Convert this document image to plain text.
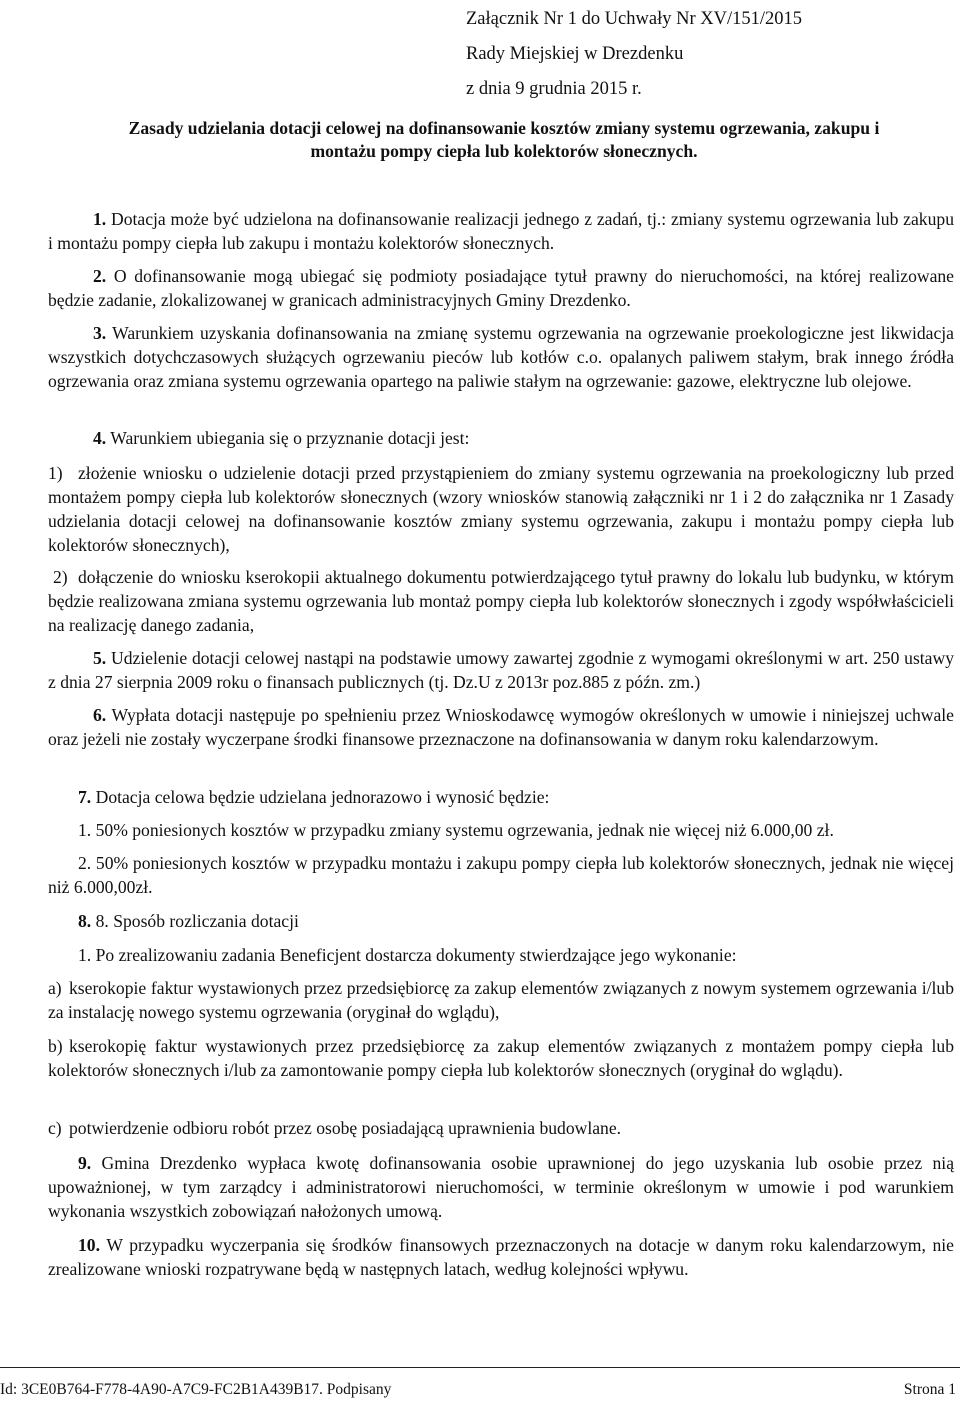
Załącznik Nr 1 do Uchwały Nr XV/151/2015
Rady Miejskiej w Drezdenku
z dnia 9 grudnia 2015 r.
Zasady udzielania dotacji celowej na dofinansowanie kosztów zmiany systemu ogrzewania, zakupu i
montażu pompy ciepła lub kolektorów słonecznych.
1. Dotacja może być udzielona na dofinansowanie realizacji jednego z zadań, tj.: zmiany systemu ogrzewania lub zakupu i montażu pompy ciepła lub zakupu i montażu kolektorów słonecznych.
2. O dofinansowanie mogą ubiegać się podmioty posiadające tytuł prawny do nieruchomości, na której realizowane będzie zadanie, zlokalizowanej w granicach administracyjnych Gminy Drezdenko.
3. Warunkiem uzyskania dofinansowania na zmianę systemu ogrzewania na ogrzewanie proekologiczne jest likwidacja wszystkich dotychczasowych służących ogrzewaniu pieców lub kotłów c.o. opalanych paliwem stałym, brak innego źródła ogrzewania oraz zmiana systemu ogrzewania opartego na paliwie stałym na ogrzewanie: gazowe, elektryczne lub olejowe.
4. Warunkiem ubiegania się o przyznanie dotacji jest:
1) złożenie wniosku o udzielenie dotacji przed przystąpieniem do zmiany systemu ogrzewania na proekologiczny lub przed montażem pompy ciepła lub kolektorów słonecznych (wzory wniosków stanowią załączniki nr 1 i 2 do załącznika nr 1 Zasady udzielania dotacji celowej na dofinansowanie kosztów zmiany systemu ogrzewania, zakupu i montażu pompy ciepła lub kolektorów słonecznych),
2) dołączenie do wniosku kserokopii aktualnego dokumentu potwierdzającego tytuł prawny do lokalu lub budynku, w którym będzie realizowana zmiana systemu ogrzewania lub montaż pompy ciepła lub kolektorów słonecznych i zgody współwłaścicieli na realizację danego zadania,
5. Udzielenie dotacji celowej nastąpi na podstawie umowy zawartej zgodnie z wymogami określonymi w art. 250 ustawy z dnia 27 sierpnia 2009 roku o finansach publicznych (tj. Dz.U z 2013r poz.885 z późn. zm.)
6. Wypłata dotacji następuje po spełnieniu przez Wnioskodawcę wymogów określonych w umowie i niniejszej uchwale oraz jeżeli nie zostały wyczerpane środki finansowe przeznaczone na dofinansowania w danym roku kalendarzowym.
7. Dotacja celowa będzie udzielana jednorazowo i wynosić będzie:
1. 50% poniesionych kosztów w przypadku zmiany systemu ogrzewania, jednak nie więcej niż 6.000,00 zł.
2. 50% poniesionych kosztów w przypadku montażu i zakupu pompy ciepła lub kolektorów słonecznych, jednak nie więcej niż 6.000,00zł.
8. 8. Sposób rozliczania dotacji
1. Po zrealizowaniu zadania Beneficjent dostarcza dokumenty stwierdzające jego wykonanie:
a) kserokopie faktur wystawionych przez przedsiębiorcę za zakup elementów związanych z nowym systemem ogrzewania i/lub za instalację nowego systemu ogrzewania (oryginał do wglądu),
b) kserokopię faktur wystawionych przez przedsiębiorcę za zakup elementów związanych z montażem pompy ciepła lub kolektorów słonecznych i/lub za zamontowanie pompy ciepła lub kolektorów słonecznych (oryginał do wglądu).
c) potwierdzenie odbioru robót przez osobę posiadającą uprawnienia budowlane.
9. Gmina Drezdenko wypłaca kwotę dofinansowania osobie uprawnionej do jego uzyskania lub osobie przez nią upoważnionej, w tym zarządcy i administratorowi nieruchomości, w terminie określonym w umowie i pod warunkiem wykonania wszystkich zobowiązań nałożonych umową.
10. W przypadku wyczerpania się środków finansowych przeznaczonych na dotacje w danym roku kalendarzowym, nie zrealizowane wnioski rozpatrywane będą w następnych latach, według kolejności wpływu.
Id: 3CE0B764-F778-4A90-A7C9-FC2B1A439B17. Podpisany	Strona 1
